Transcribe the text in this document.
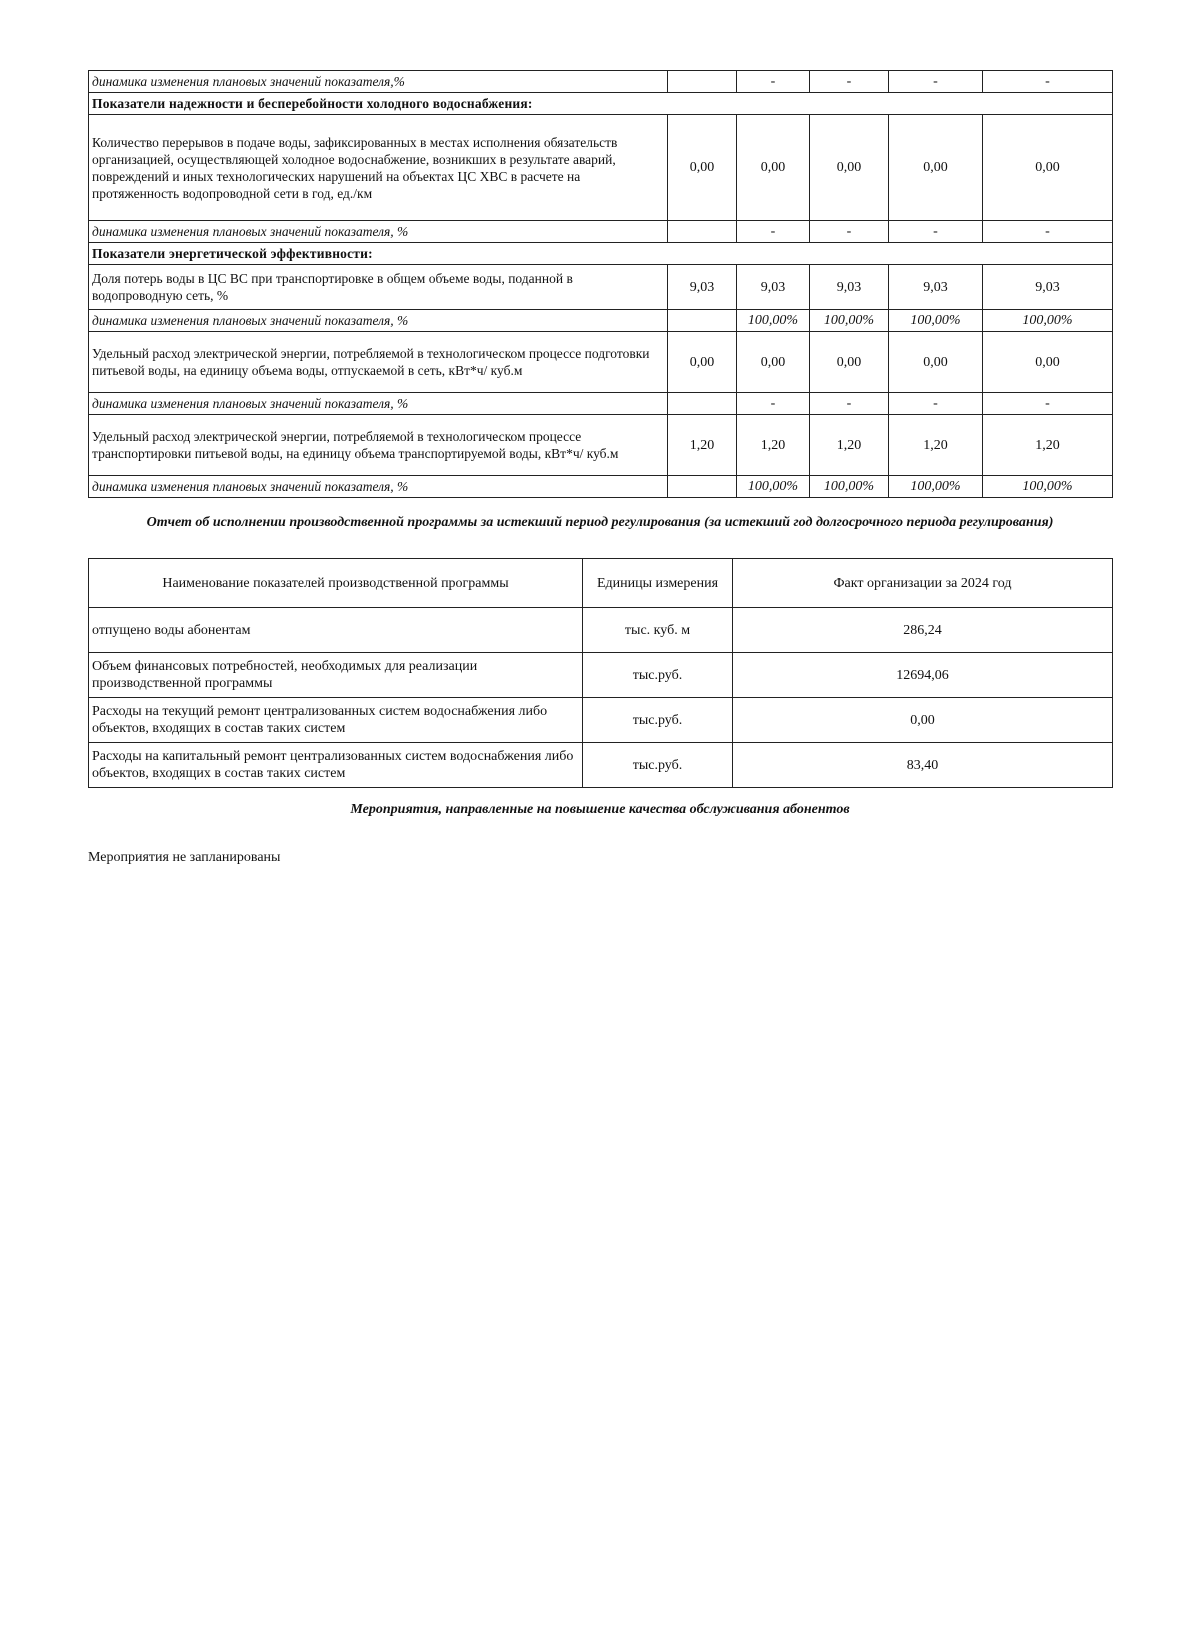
динамика изменения плановых значений показателя,%		-	-	-	-
Показатели надежности и бесперебойности холодного водоснабжения:					
Количество перерывов в подаче воды, зафиксированных в местах исполнения обязательств организацией, осуществляющей холодное водоснабжение, возникших в результате аварий, повреждений и иных технологических нарушений на объектах ЦС ХВС в расчете на протяженность водопроводной сети в год, ед./км	0,00	0,00	0,00	0,00	0,00
динамика изменения плановых значений показателя, %		-	-	-	-
Показатели энергетической эффективности:					
Доля потерь воды в ЦС ВС при транспортировке в общем объеме воды, поданной в водопроводную сеть, %	9,03	9,03	9,03	9,03	9,03
динамика изменения плановых значений показателя, %		100,00%	100,00%	100,00%	100,00%
Удельный расход электрической энергии, потребляемой в технологическом процессе подготовки питьевой воды, на единицу объема воды, отпускаемой в сеть, кВт*ч/ куб.м	0,00	0,00	0,00	0,00	0,00
динамика изменения плановых значений показателя, %		-	-	-	-
Удельный расход электрической энергии, потребляемой в технологическом процессе транспортировки питьевой воды, на единицу объема транспортируемой воды, кВт*ч/ куб.м	1,20	1,20	1,20	1,20	1,20
динамика изменения плановых значений показателя, %		100,00%	100,00%	100,00%	100,00%
Отчет об исполнении производственной программы за истекший период регулирования (за истекший год долгосрочного периода регулирования)
Наименование показателей производственной программы	Единицы измерения	Факт организации за 2024 год
отпущено воды абонентам	тыс. куб. м	286,24
Объем финансовых потребностей, необходимых для реализации производственной программы	тыс.руб.	12694,06
Расходы на текущий ремонт централизованных систем водоснабжения либо объектов, входящих в состав таких систем	тыс.руб.	0,00
Расходы на капитальный ремонт централизованных систем водоснабжения либо объектов, входящих в состав таких систем	тыс.руб.	83,40
Мероприятия, направленные на повышение качества обслуживания абонентов
Мероприятия не запланированы
